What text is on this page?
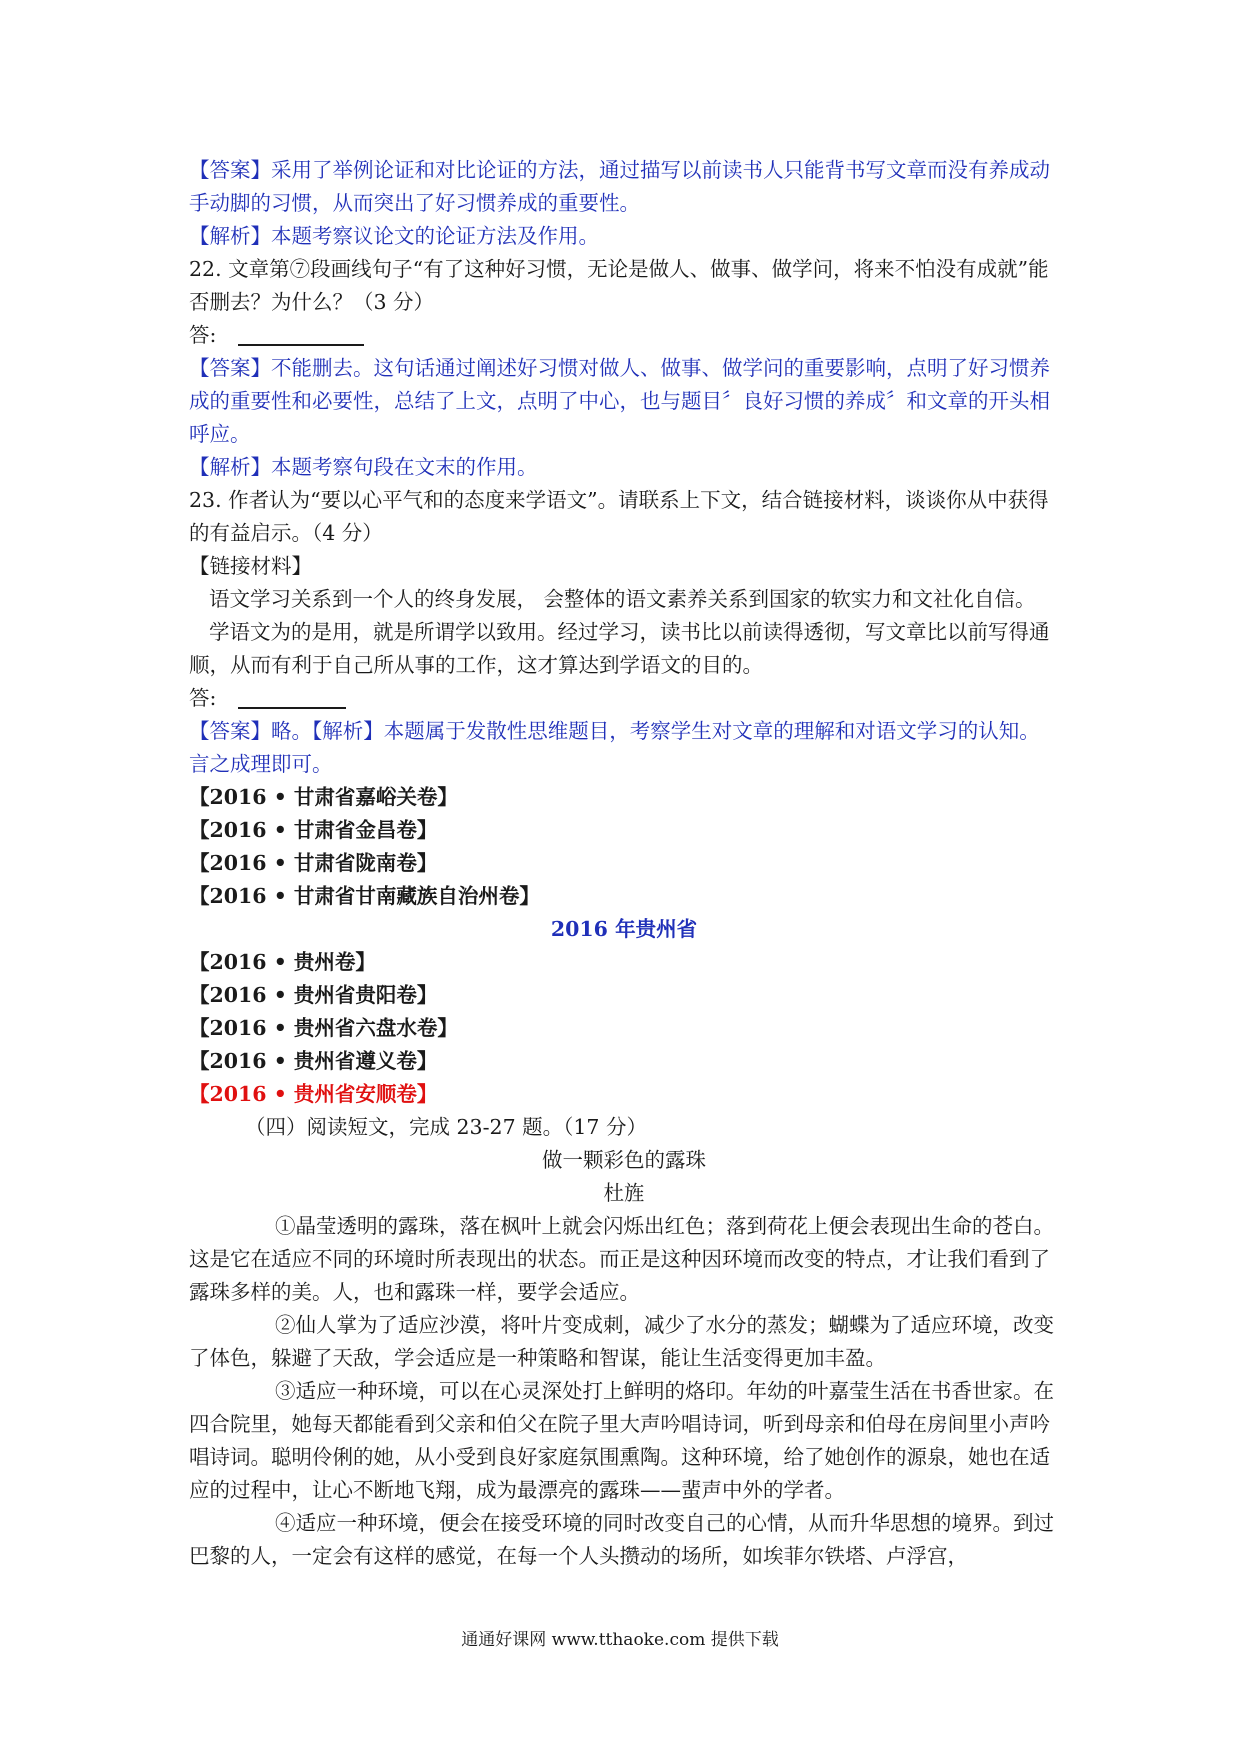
【答案】采用了举例论证和对比论证的方法，通过描写以前读书人只能背书写文章而没有养成动手动脚的习惯，从而突出了好习惯养成的重要性。

【解析】本题考察议论文的论证方法及作用。

22. 文章第⑦段画线句子“有了这种好习惯，无论是做人、做事、做学问，将来不怕没有成就”能否删去？为什么？（3 分）

答:

【答案】不能删去。这句话通过阐述好习惯对做人、做事、做学问的重要影响，点明了好习惯养成的重要性和必要性，总结了上文，点明了中心，也与题目〞良好习惯的养成〞和文章的开头相呼应。

【解析】本题考察句段在文末的作用。

23. 作者认为“要以心平气和的态度来学语文”。请联系上下文，结合链接材料，谈谈你从中获得的有益启示。（4 分）

【链接材料】

语文学习关系到一个人的终身发展， 会整体的语文素养关系到国家的软实力和文社化自信。

学语文为的是用，就是所谓学以致用。经过学习，读书比以前读得透彻，写文章比以前写得通顺，从而有利于自己所从事的工作，这才算达到学语文的目的。

答:

【答案】略。【解析】本题属于发散性思维题目，考察学生对文章的理解和对语文学习的认知。言之成理即可。

【2016 • 甘肃省嘉峪关卷】

【2016 • 甘肃省金昌卷】

【2016 • 甘肃省陇南卷】

【2016 • 甘肃省甘南藏族自治州卷】

2016 年贵州省

【2016 • 贵州卷】

【2016 • 贵州省贵阳卷】

【2016 • 贵州省六盘水卷】

【2016 • 贵州省遵义卷】

【2016 • 贵州省安顺卷】

（四）阅读短文，完成 23-27 题。（17 分）

做一颗彩色的露珠

杜旌

①晶莹透明的露珠，落在枫叶上就会闪烁出红色；落到荷花上便会表现出生命的苍白。这是它在适应不同的环境时所表现出的状态。而正是这种因环境而改变的特点，才让我们看到了露珠多样的美。人，也和露珠一样，要学会适应。

②仙人掌为了适应沙漠，将叶片变成刺，减少了水分的蒸发；蝴蝶为了适应环境，改变了体色，躲避了天敌，学会适应是一种策略和智谋，能让生活变得更加丰盈。

③适应一种环境，可以在心灵深处打上鲜明的烙印。年幼的叶嘉莹生活在书香世家。在四合院里，她每天都能看到父亲和伯父在院子里大声吟唱诗词，听到母亲和伯母在房间里小声吟唱诗词。聪明伶俐的她，从小受到良好家庭氛围熏陶。这种环境，给了她创作的源泉，她也在适应的过程中，让心不断地飞翔，成为最漂亮的露珠——蜚声中外的学者。

④适应一种环境，便会在接受环境的同时改变自己的心情，从而升华思想的境界。到过巴黎的人，一定会有这样的感觉，在每一个人头攒动的场所，如埃菲尔铁塔、卢浮宫，

通通好课网 www.tthaoke.com 提供下载
